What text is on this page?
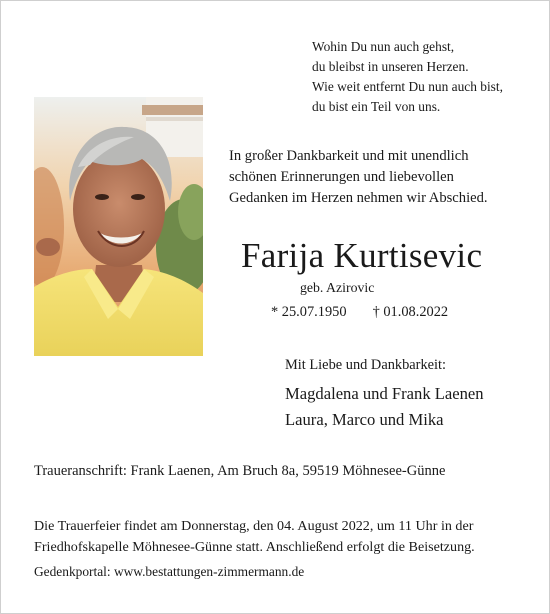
Wohin Du nun auch gehst,
du bleibst in unseren Herzen.
Wie weit entfernt Du nun auch bist,
du bist ein Teil von uns.
In großer Dankbarkeit und mit unendlich
schönen Erinnerungen und liebevollen
Gedanken im Herzen nehmen wir Abschied.
Farija Kurtisevic
geb. Azirovic
* 25.07.1950 † 01.08.2022
Mit Liebe und Dankbarkeit:
Magdalena und Frank Laenen
Laura, Marco und Mika
Traueranschrift: Frank Laenen, Am Bruch 8a, 59519 Möhnesee-Günne
Die Trauerfeier findet am Donnerstag, den 04. August 2022, um 11 Uhr in der
Friedhofskapelle Möhnesee-Günne statt. Anschließend erfolgt die Beisetzung.
Gedenkportal: www.bestattungen-zimmermann.de
